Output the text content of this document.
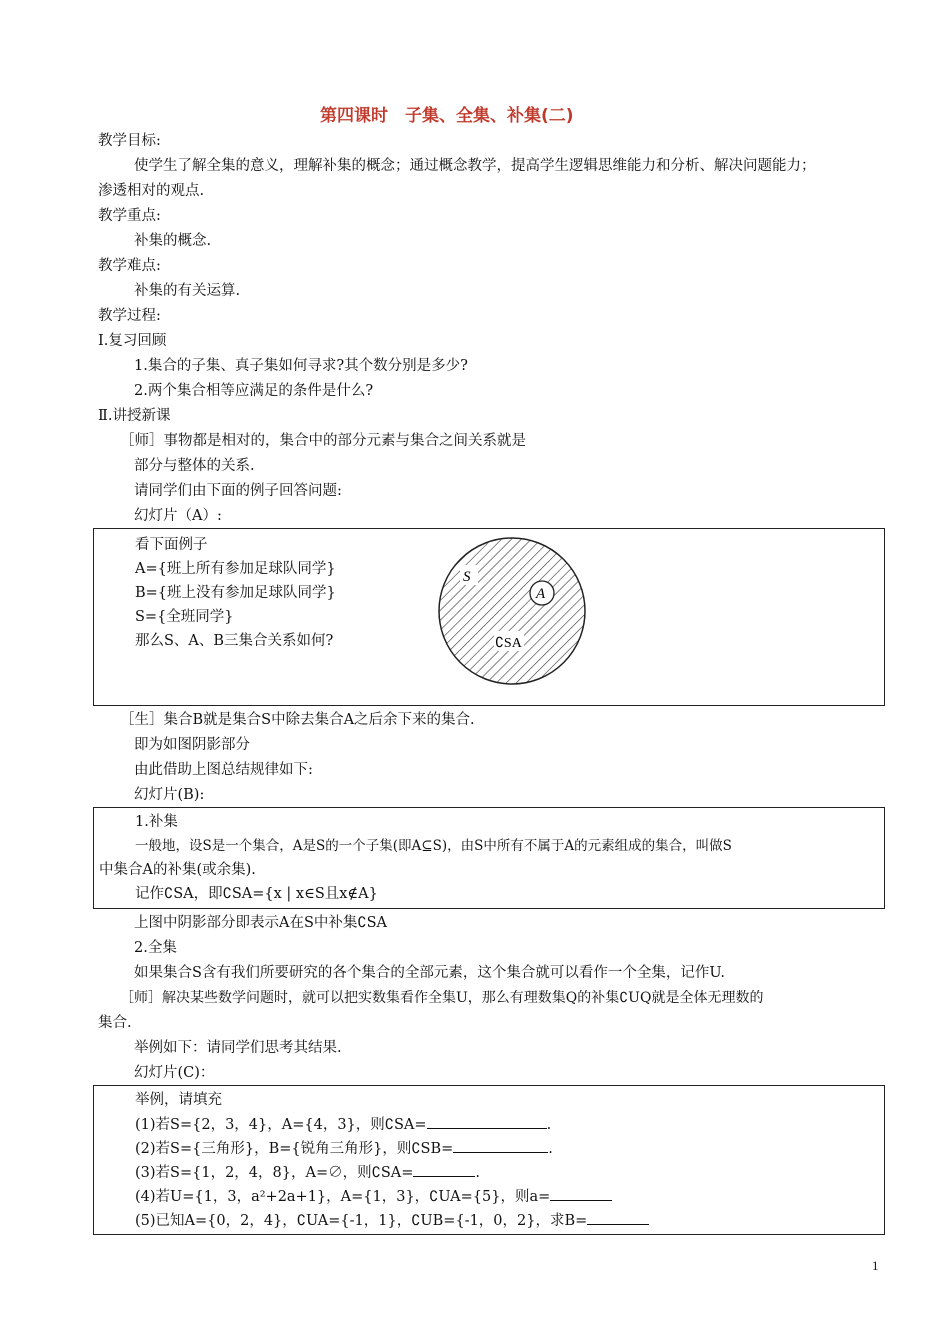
第四课时　子集、全集、补集(二)
教学目标:
使学生了解全集的意义，理解补集的概念；通过概念教学，提高学生逻辑思维能力和分析、解决问题能力；
渗透相对的观点.
教学重点:
补集的概念.
教学难点:
补集的有关运算.
教学过程:
Ⅰ.复习回顾
1.集合的子集、真子集如何寻求?其个数分别是多少?
2.两个集合相等应满足的条件是什么?
Ⅱ.讲授新课
［师］事物都是相对的，集合中的部分元素与集合之间关系就是
部分与整体的关系.
请同学们由下面的例子回答问题:
幻灯片（A）:
看下面例子
A={班上所有参加足球队同学}
B={班上没有参加足球队同学}
S={全班同学}
那么S、A、B三集合关系如何?
S
A
∁SA
［生］集合B就是集合S中除去集合A之后余下来的集合.
即为如图阴影部分
由此借助上图总结规律如下:
幻灯片(B):
1.补集
一般地，设S是一个集合，A是S的一个子集(即A⊆S)，由S中所有不属于A的元素组成的集合，叫做S
中集合A的补集(或余集).
记作∁SA，即∁SA={x | x∈S且x∉A}
上图中阴影部分即表示A在S中补集∁SA
2.全集
如果集合S含有我们所要研究的各个集合的全部元素，这个集合就可以看作一个全集，记作U.
［师］解决某些数学问题时，就可以把实数集看作全集U，那么有理数集Q的补集∁UQ就是全体无理数的
集合.
举例如下：请同学们思考其结果.
幻灯片(C)：
举例，请填充
(1)若S={2，3，4}，A={4，3}，则∁SA=	.
(2)若S={三角形}，B={锐角三角形}，则∁SB=	.
(3)若S={1，2，4，8}，A=∅，则∁SA=	.
(4)若U={1，3，a²+2a+1}，A={1，3}，∁UA={5}，则a=
(5)已知A={0，2，4}，∁UA={-1，1}，∁UB={-1，0，2}，求B=
1
